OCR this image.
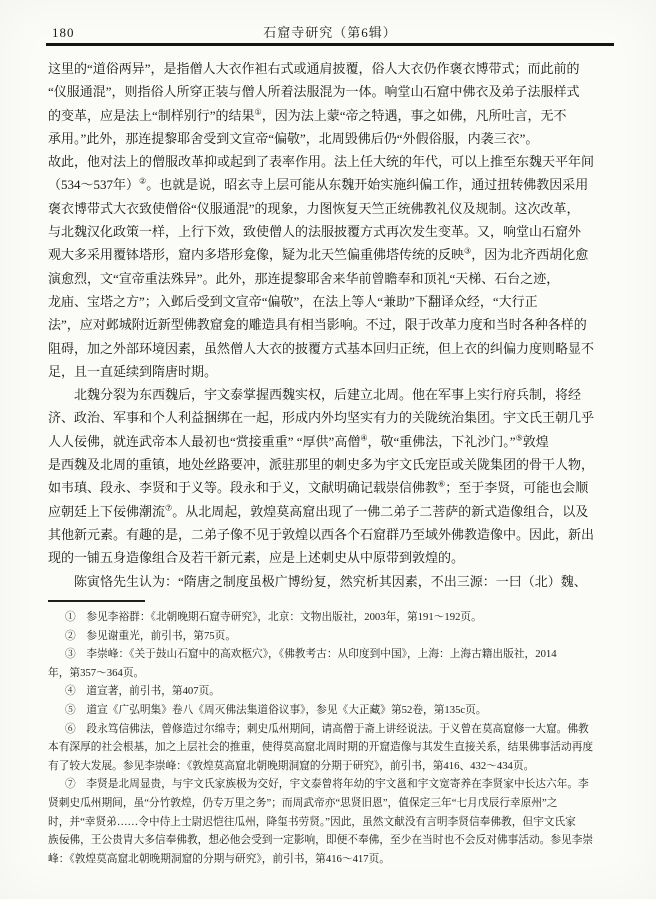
180	石窟寺研究（第6辑）
这里的“道俗两异”，是指僧人大衣作袒右式或通肩披覆，俗人大衣仍作褒衣博带式；而此前的
“仪服通混”，则指俗人所穿正装与僧人所着法服混为一体。响堂山石窟中佛衣及弟子法服样式
的变革，应是法上“制样别行”的结果①，因为法上蒙“帝之特遇，事之如佛，凡所吐言，无不
承用。”此外，那连提黎耶舍受到文宣帝“偏敬”，北周毁佛后仍“外假俗服，内袭三衣”。
故此，他对法上的僧服改革抑或起到了表率作用。法上任大统的年代，可以上推至东魏天平年间
（534～537年）②。也就是说，昭玄寺上层可能从东魏开始实施纠偏工作，通过扭转佛教因采用
褒衣博带式大衣致使僧俗“仪服通混”的现象，力图恢复天竺正统佛教礼仪及规制。这次改革，
与北魏汉化政策一样，上行下效，致使僧人的法服披覆方式再次发生变革。又，响堂山石窟外
观大多采用覆钵塔形，窟内多塔形龛像，疑为北天竺偏重佛塔传统的反映③，因为北齐西胡化愈
演愈烈，文“宣帝重法殊异”。此外，那连提黎耶舍来华前曾瞻奉和顶礼“天梯、石台之迹，
龙庙、宝塔之方”；入邺后受到文宣帝“偏敬”，在法上等人“兼助”下翻译众经，“大行正
法”，应对邺城附近新型佛教窟龛的雕造具有相当影响。不过，限于改革力度和当时各种各样的
阻碍，加之外部环境因素，虽然僧人大衣的披覆方式基本回归正统，但上衣的纠偏力度则略显不
足，且一直延续到隋唐时期。
　　北魏分裂为东西魏后，宇文泰掌握西魏实权，后建立北周。他在军事上实行府兵制，将经
济、政治、军事和个人利益捆绑在一起，形成内外均坚实有力的关陇统治集团。宇文氏王朝几乎
人人佞佛，就连武帝本人最初也“赏接重重” “厚供”高僧④，敬“重佛法，下礼沙门。”⑤敦煌
是西魏及北周的重镇，地处丝路要冲，派驻那里的刺史多为宇文氏宠臣或关陇集团的骨干人物，
如韦瑱、段永、李贤和于义等。段永和于义，文献明确记载崇信佛教⑥；至于李贤，可能也会顺
应朝廷上下佞佛潮流⑦。从北周起，敦煌莫高窟出现了一佛二弟子二菩萨的新式造像组合，以及
其他新元素。有趣的是，二弟子像不见于敦煌以西各个石窟群乃至域外佛教造像中。因此，新出
现的一铺五身造像组合及若干新元素，应是上述刺史从中原带到敦煌的。
　　陈寅恪先生认为：“隋唐之制度虽极广博纷复，然究析其因素，不出三源：一曰（北）魏、
①　参见李裕群：《北朝晚期石窟寺研究》，北京：文物出版社，2003年，第191～192页。
②　参见谢重光，前引书，第75页。
③　李崇峰：《关于鼓山石窟中的高欢柩穴》，《佛教考古：从印度到中国》，上海：上海古籍出版社，2014
年，第357～364页。
④　道宣著，前引书，第407页。
⑤　道宣《广弘明集》卷八《周灭佛法集道俗议事》，参见《大正藏》第52卷，第135c页。
⑥　段永笃信佛法，曾修造过尔绵寺；刺史瓜州期间，请高僧于斋上讲经说法。于义曾在莫高窟修一大窟。佛教
本有深厚的社会根基，加之上层社会的推重，使得莫高窟北周时期的开窟造像与其发生直接关系，结果佛事活动再度
有了较大发展。参见李崇峰：《敦煌莫高窟北朝晚期洞窟的分期于研究》，前引书，第416、432～434页。
⑦　李贤是北周显贵，与宇文氏家族极为交好，宇文泰曾将年幼的宇文邕和宇文宽寄养在李贤家中长达六年。李
贤刺史瓜州期间，虽“分竹敦煌，仍专万里之务”；而周武帝亦“思贤旧恩”，值保定三年“七月戊辰行幸原州”之
时，并“幸贤弟……令中侍上士尉迟恺往瓜州，降玺书劳贤。”因此，虽然文献没有言明李贤信奉佛教，但宇文氏家
族佞佛，王公贵胄大多信奉佛教，想必他会受到一定影响，即便不奉佛，至少在当时也不会反对佛事活动。参见李崇
峰：《敦煌莫高窟北朝晚期洞窟的分期与研究》，前引书，第416～417页。
